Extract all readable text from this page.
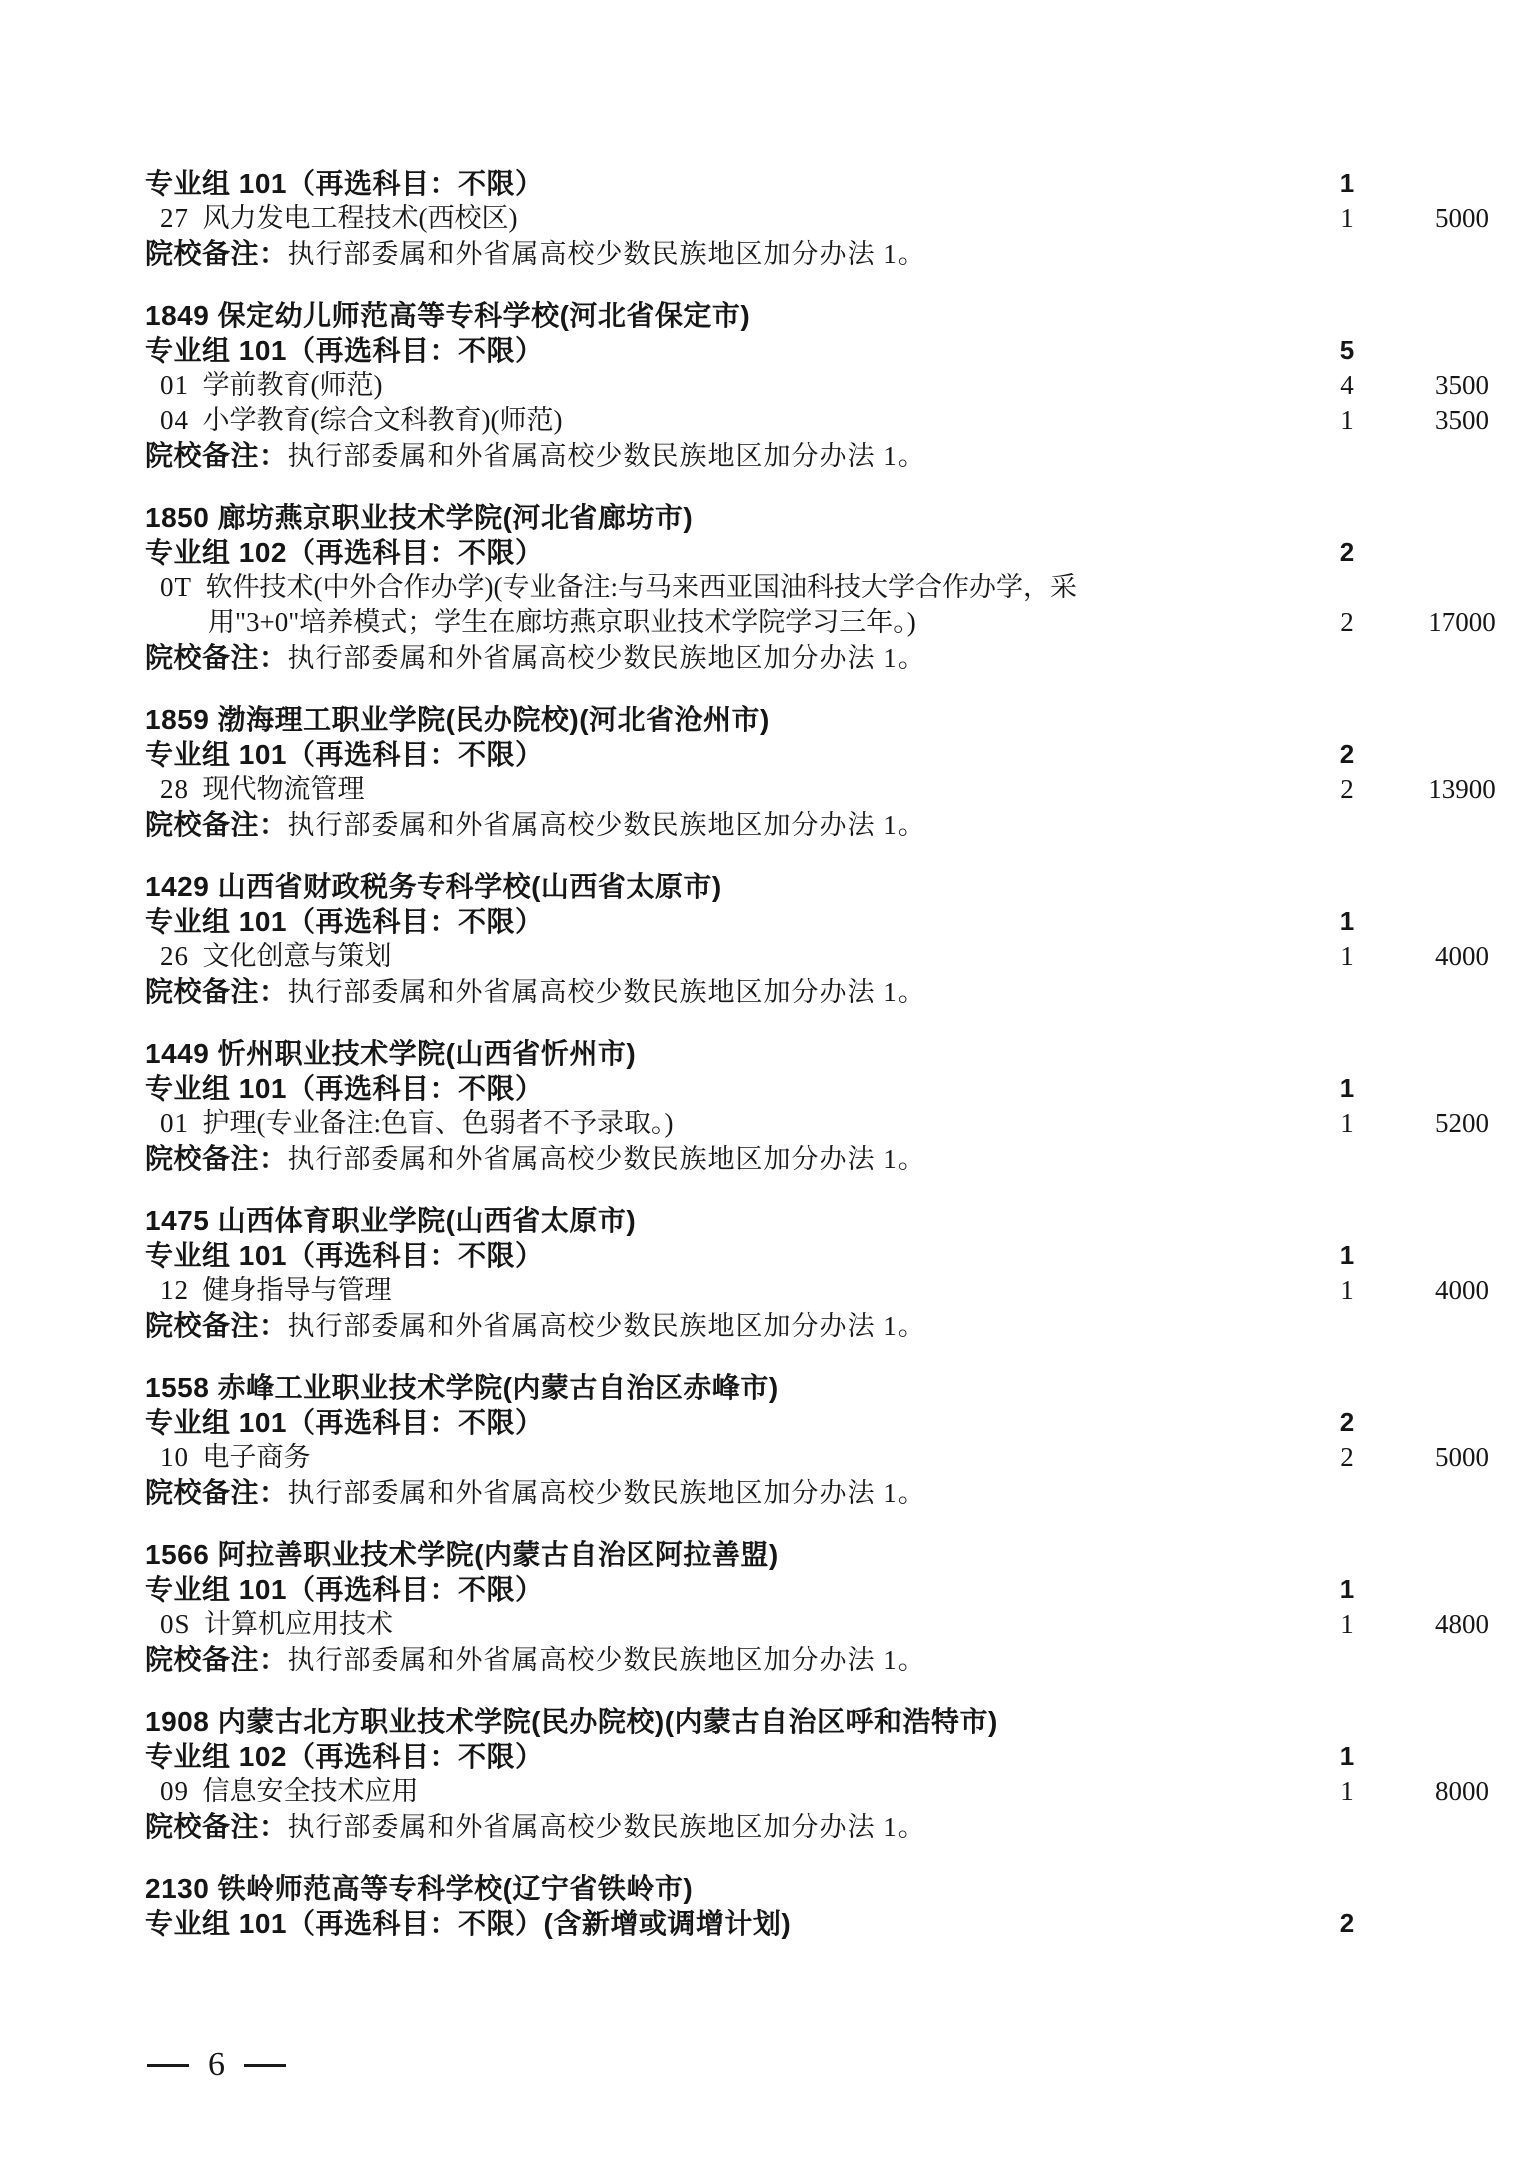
专业组 101（再选科目：不限）	1
27 风力发电工程技术(西校区)	1	5000
院校备注：执行部委属和外省属高校少数民族地区加分办法 1。
1849 保定幼儿师范高等专科学校(河北省保定市)
专业组 101（再选科目：不限）	5
01 学前教育(师范)	4	3500
04 小学教育(综合文科教育)(师范)	1	3500
院校备注：执行部委属和外省属高校少数民族地区加分办法 1。
1850 廊坊燕京职业技术学院(河北省廊坊市)
专业组 102（再选科目：不限）	2
0T 软件技术(中外合作办学)(专业备注:与马来西亚国油科技大学合作办学，采用"3+0"培养模式；学生在廊坊燕京职业技术学院学习三年。)	2	17000
院校备注：执行部委属和外省属高校少数民族地区加分办法 1。
1859 渤海理工职业学院(民办院校)(河北省沧州市)
专业组 101（再选科目：不限）	2
28 现代物流管理	2	13900
院校备注：执行部委属和外省属高校少数民族地区加分办法 1。
1429 山西省财政税务专科学校(山西省太原市)
专业组 101（再选科目：不限）	1
26 文化创意与策划	1	4000
院校备注：执行部委属和外省属高校少数民族地区加分办法 1。
1449 忻州职业技术学院(山西省忻州市)
专业组 101（再选科目：不限）	1
01 护理(专业备注:色盲、色弱者不予录取。)	1	5200
院校备注：执行部委属和外省属高校少数民族地区加分办法 1。
1475 山西体育职业学院(山西省太原市)
专业组 101（再选科目：不限）	1
12 健身指导与管理	1	4000
院校备注：执行部委属和外省属高校少数民族地区加分办法 1。
1558 赤峰工业职业技术学院(内蒙古自治区赤峰市)
专业组 101（再选科目：不限）	2
10 电子商务	2	5000
院校备注：执行部委属和外省属高校少数民族地区加分办法 1。
1566 阿拉善职业技术学院(内蒙古自治区阿拉善盟)
专业组 101（再选科目：不限）	1
0S 计算机应用技术	1	4800
院校备注：执行部委属和外省属高校少数民族地区加分办法 1。
1908 内蒙古北方职业技术学院(民办院校)(内蒙古自治区呼和浩特市)
专业组 102（再选科目：不限）	1
09 信息安全技术应用	1	8000
院校备注：执行部委属和外省属高校少数民族地区加分办法 1。
2130 铁岭师范高等专科学校(辽宁省铁岭市)
专业组 101（再选科目：不限）(含新增或调增计划)	2
6
